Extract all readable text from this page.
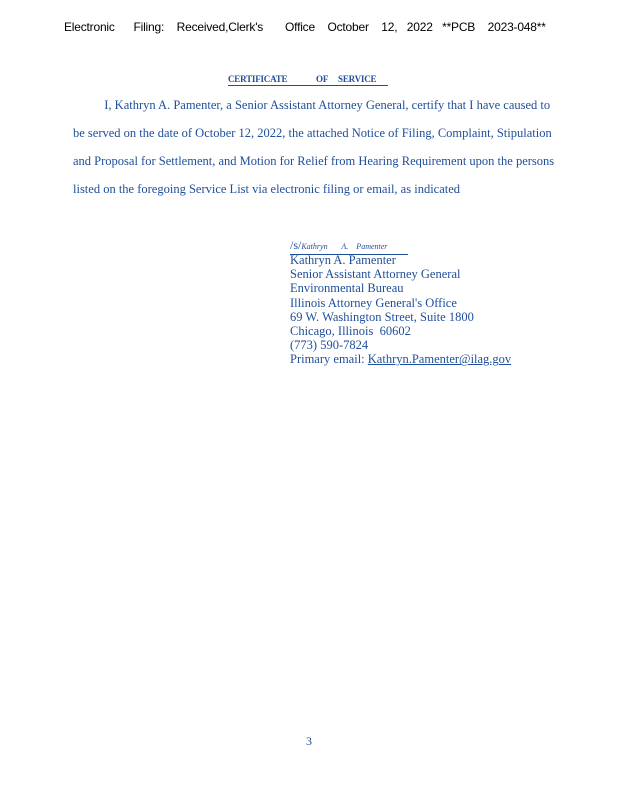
Electronic      Filing:    Received,Clerk's       Office    October    12,   2022   **PCB    2023-048**
CERTIFICATE              OF     SERVICE
I, Kathryn A. Pamenter, a Senior Assistant Attorney General, certify that I have caused to
be served on the date of October 12, 2022, the attached Notice of Filing, Complaint, Stipulation
and Proposal for Settlement, and Motion for Relief from Hearing Requirement upon the persons
listed on the foregoing Service List via electronic filing or email, as indicated
/s/Kathryn       A.    Pamenter
Kathryn A. Pamenter
Senior Assistant Attorney General
Environmental Bureau
Illinois Attorney General's Office
69 W. Washington Street, Suite 1800
Chicago, Illinois  60602
(773) 590-7824
Primary email: Kathryn.Pamenter@ilag.gov
3
